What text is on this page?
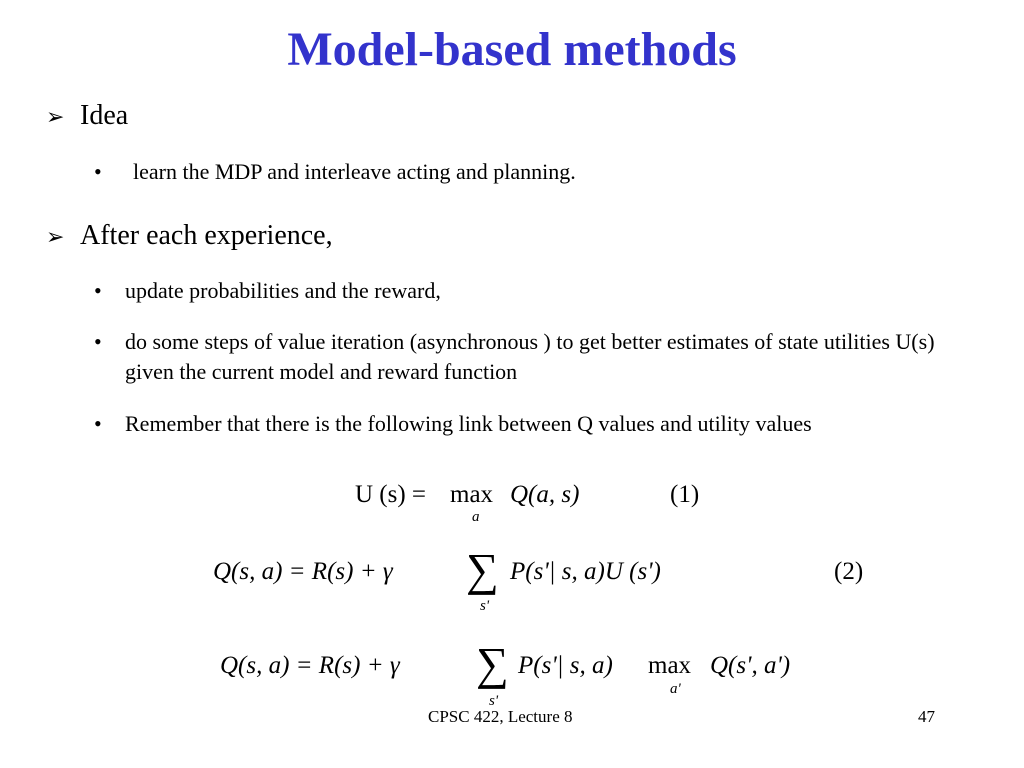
Model-based methods
➢ Idea
• learn the MDP and interleave acting and planning.
➢ After each experience,
• update probabilities and the reward,
• do some steps of value iteration (asynchronous ) to get better estimates of state utilities U(s) given the current model and reward function
• Remember that there is the following link between Q values and utility values
U (s) = max
a
Q(a, s)	(1)
Q(s, a) = R(s) + γ ∑
s'
P(s'| s, a)U (s')	(2)
Q(s, a) = R(s) + γ ∑
s'
P(s'| s, a) max
a'
Q(s', a')
CPSC 422, Lecture 8	47
